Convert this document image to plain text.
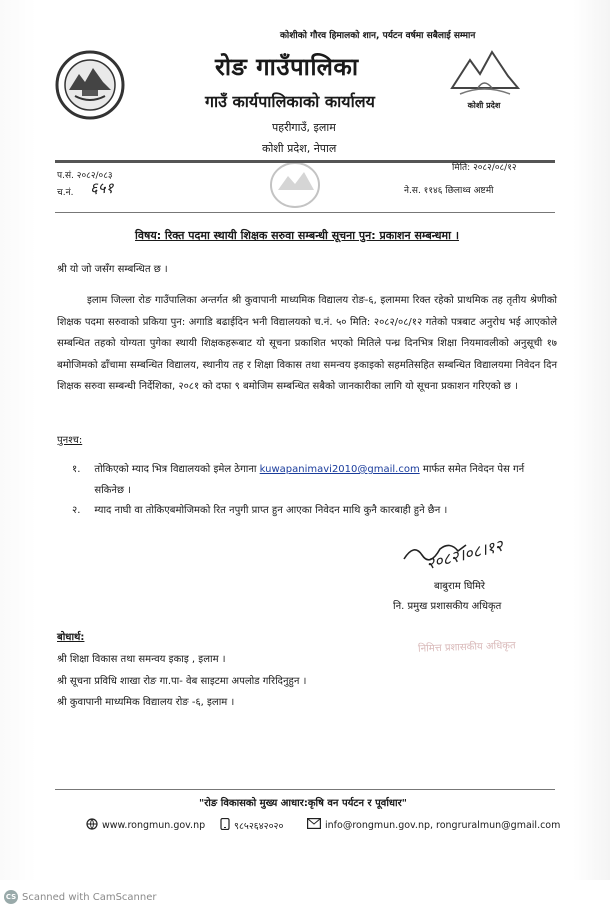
कोशी प्रदेश
कोशीको गौरव हिमालको शान, पर्यटन वर्षमा सबैलाई सम्मान
रोङ गाउँपालिका
गाउँ कार्यपालिकाको कार्यालय
पहरीगाउँ, इलाम
कोशी प्रदेश, नेपाल
प.सं. २०८२/०८३
च.नं. ६५१
मिति: २०८२/०८/१२
ने.स. ११४६ छिलाथ्व अष्टमी
विषय: रिक्त पदमा स्थायी शिक्षक सरुवा सम्बन्धी सूचना पुन: प्रकाशन सम्बन्धमा ।
श्री यो जो जसँग सम्बन्धित छ ।
इलाम जिल्ला रोङ गाउँपालिका अन्तर्गत श्री कुवापानी माध्यमिक विद्यालय रोङ-६, इलाममा रिक्त रहेको प्राथमिक तह तृतीय श्रेणीको शिक्षक पदमा सरुवाको प्रकिया पुन: अगाडि बढाईदिन भनी विद्यालयको च.नं. ५० मिति: २०८२/०८/१२ गतेको पत्रबाट अनुरोध भई आएकोले सम्बन्धित तहको योग्यता पुगेका स्थायी शिक्षकहरूबाट यो सूचना प्रकाशित भएको मितिले पन्ध्र दिनभित्र शिक्षा नियमावलीको अनुसूची १७ बमोजिमको ढाँचामा सम्बन्धित विद्यालय, स्थानीय तह र शिक्षा विकास तथा समन्वय इकाइको सहमतिसहित सम्बन्धित विद्यालयमा निवेदन दिन शिक्षक सरुवा सम्बन्धी निर्देशिका, २०८१ को दफा ९ बमोजिम सम्बन्धित सबैको जानकारीका लागि यो सूचना प्रकाशन गरिएको छ ।
पुनश्च:
१. तोकिएको म्याद भित्र विद्यालयको इमेल ठेगाना kuwapanimavi2010@gmail.com मार्फत समेत निवेदन पेस गर्न सकिनेछ ।
२. म्याद नाघी वा तोकिएबमोजिमको रित नपुगी प्राप्त हुन आएका निवेदन माथि कुनै कारबाही हुने छैन ।
२०८२।०८।१२
बाबुराम घिमिरे
नि. प्रमुख प्रशासकीय अधिकृत
निमित्त प्रशासकीय अधिकृत
बोधार्थ:
श्री शिक्षा विकास तथा समन्वय इकाइ , इलाम ।
श्री सूचना प्रविधि शाखा रोङ गा.पा- वेब साइटमा अपलोड गरिदिनुहुन ।
श्री कुवापानी माध्यमिक विद्यालय रोङ -६, इलाम ।
"रोङ विकासको मुख्य आधार:कृषि वन पर्यटन र पूर्वाधार"
www.rongmun.gov.np	९८५२६४२०२०	info@rongmun.gov.np, rongruralmun@gmail.com
CS Scanned with CamScanner
